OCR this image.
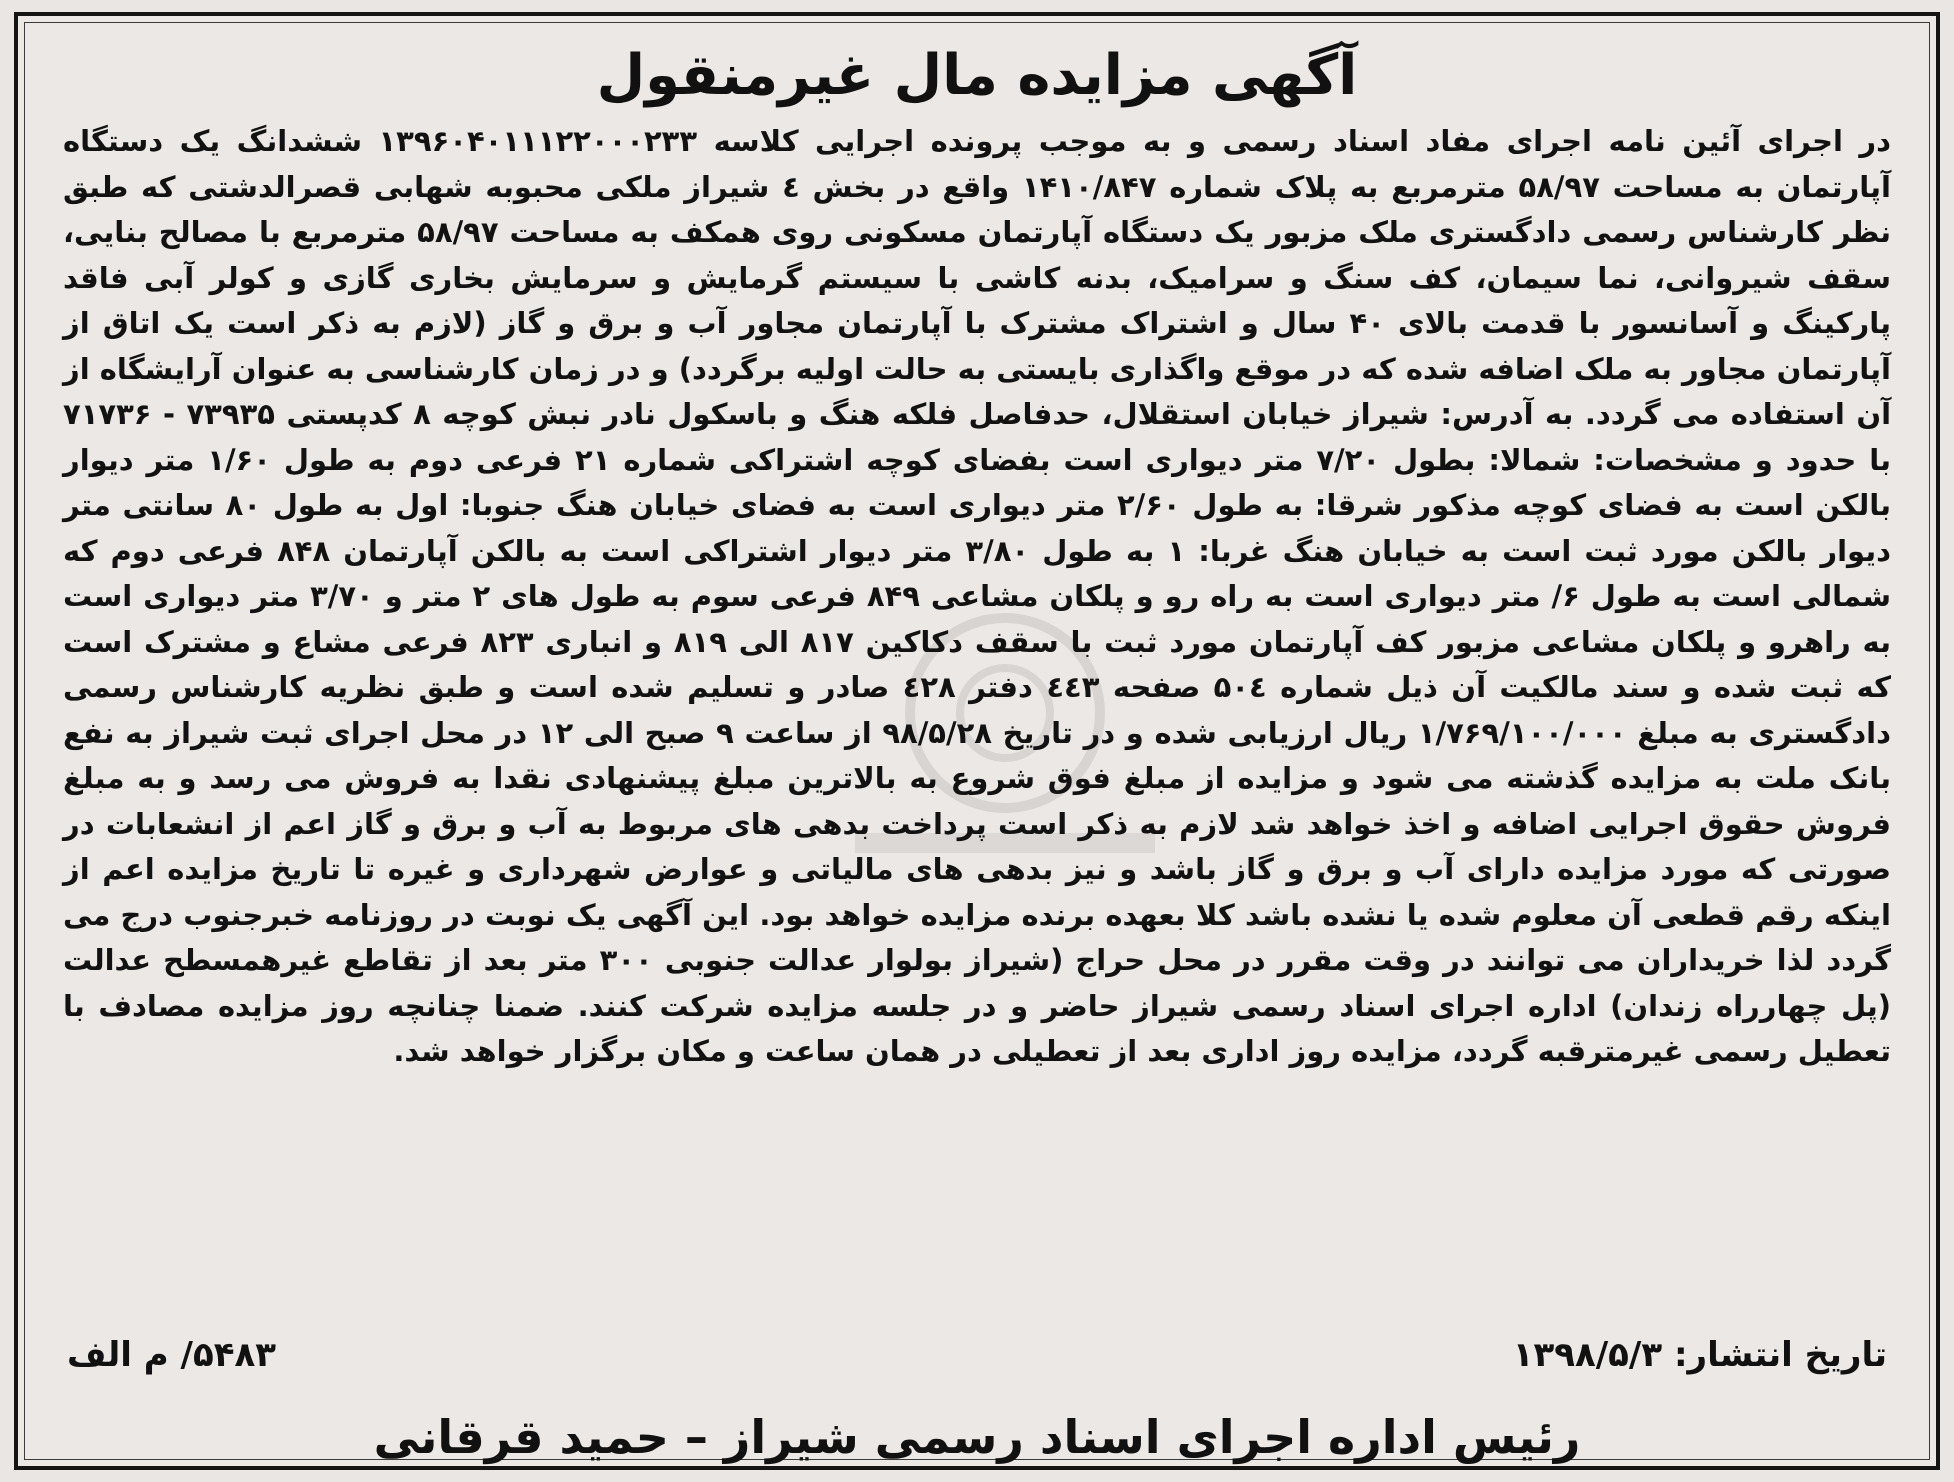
آگهی مزایده مال غیرمنقول

در اجرای آئین نامه اجرای مفاد اسناد رسمی و به موجب پرونده اجرایی کلاسه ۱۳۹۶۰۴۰۱۱۱۲۲۰۰۰۲۳۳ ششدانگ یک دستگاه آپارتمان به مساحت ۵۸/۹۷ مترمربع به پلاک شماره ۱۴۱۰/۸۴۷ واقع در بخش ٤ شیراز ملکی محبوبه شهابی قصرالدشتی که طبق نظر کارشناس رسمی دادگستری ملک مزبور یک دستگاه آپارتمان مسکونی روی همکف به مساحت ۵۸/۹۷ مترمربع با مصالح بنایی، سقف شیروانی، نما سیمان، کف سنگ و سرامیک، بدنه کاشی با سیستم گرمایش و سرمایش بخاری گازی و کولر آبی فاقد پارکینگ و آسانسور با قدمت بالای ۴۰ سال و اشتراک مشترک با آپارتمان مجاور آب و برق و گاز (لازم به ذکر است یک اتاق از آپارتمان مجاور به ملک اضافه شده که در موقع واگذاری بایستی به حالت اولیه برگردد) و در زمان کارشناسی به عنوان آرایشگاه از آن استفاده می گردد. به آدرس: شیراز خیابان استقلال، حدفاصل فلکه هنگ و باسکول نادر نبش کوچه ۸ کدپستی ۷۳۹۳۵ - ۷۱۷۳۶ با حدود و مشخصات: شمالا: بطول ۷/۲۰ متر دیواری است بفضای کوچه اشتراکی شماره ۲۱ فرعی دوم به طول ۱/۶۰ متر دیوار بالکن است به فضای کوچه مذکور شرقا: به طول ۲/۶۰ متر دیواری است به فضای خیابان هنگ جنوبا: اول به طول ۸۰ سانتی متر دیوار بالکن مورد ثبت است به خیابان هنگ غربا: ۱ به طول ۳/۸۰ متر دیوار اشتراکی است به بالکن آپارتمان ۸۴۸ فرعی دوم که شمالی است به طول ۶/ متر دیواری است به راه رو و پلکان مشاعی ۸۴۹ فرعی سوم به طول های ۲ متر و ۳/۷۰ متر دیواری است به راهرو و پلکان مشاعی مزبور کف آپارتمان مورد ثبت با سقف دکاکین ۸۱۷ الی ۸۱۹ و انباری ۸۲۳ فرعی مشاع و مشترک است که ثبت شده و سند مالکیت آن ذیل شماره ۵۰٤ صفحه ٤٤۳ دفتر ٤۲۸ صادر و تسلیم شده است و طبق نظریه کارشناس رسمی دادگستری به مبلغ ۱/۷۶۹/۱۰۰/۰۰۰ ریال ارزیابی شده و در تاریخ ۹۸/۵/۲۸ از ساعت ۹ صبح الی ۱۲ در محل اجرای ثبت شیراز به نفع بانک ملت به مزایده گذشته می شود و مزایده از مبلغ فوق شروع به بالاترین مبلغ پیشنهادی نقدا به فروش می رسد و به مبلغ فروش حقوق اجرایی اضافه و اخذ خواهد شد لازم به ذکر است پرداخت بدهی های مربوط به آب و برق و گاز اعم از انشعابات در صورتی که مورد مزایده دارای آب و برق و گاز باشد و نیز بدهی های مالیاتی و عوارض شهرداری و غیره تا تاریخ مزایده اعم از اینکه رقم قطعی آن معلوم شده یا نشده باشد کلا بعهده برنده مزایده خواهد بود. این آگهی یک نوبت در روزنامه خبرجنوب درج می گردد لذا خریداران می توانند در وقت مقرر در محل حراج (شیراز بولوار عدالت جنوبی ۳۰۰ متر بعد از تقاطع غیرهمسطح عدالت (پل چهارراه زندان) اداره اجرای اسناد رسمی شیراز حاضر و در جلسه مزایده شرکت کنند. ضمنا چنانچه روز مزایده مصادف با تعطیل رسمی غیرمترقبه گردد، مزایده روز اداری بعد از تعطیلی در همان ساعت و مکان برگزار خواهد شد.

تاریخ انتشار: ۱۳۹۸/۵/۳
۵۴۸۳/ م الف
رئیس اداره اجرای اسناد رسمی شیراز – حمید قرقانی
